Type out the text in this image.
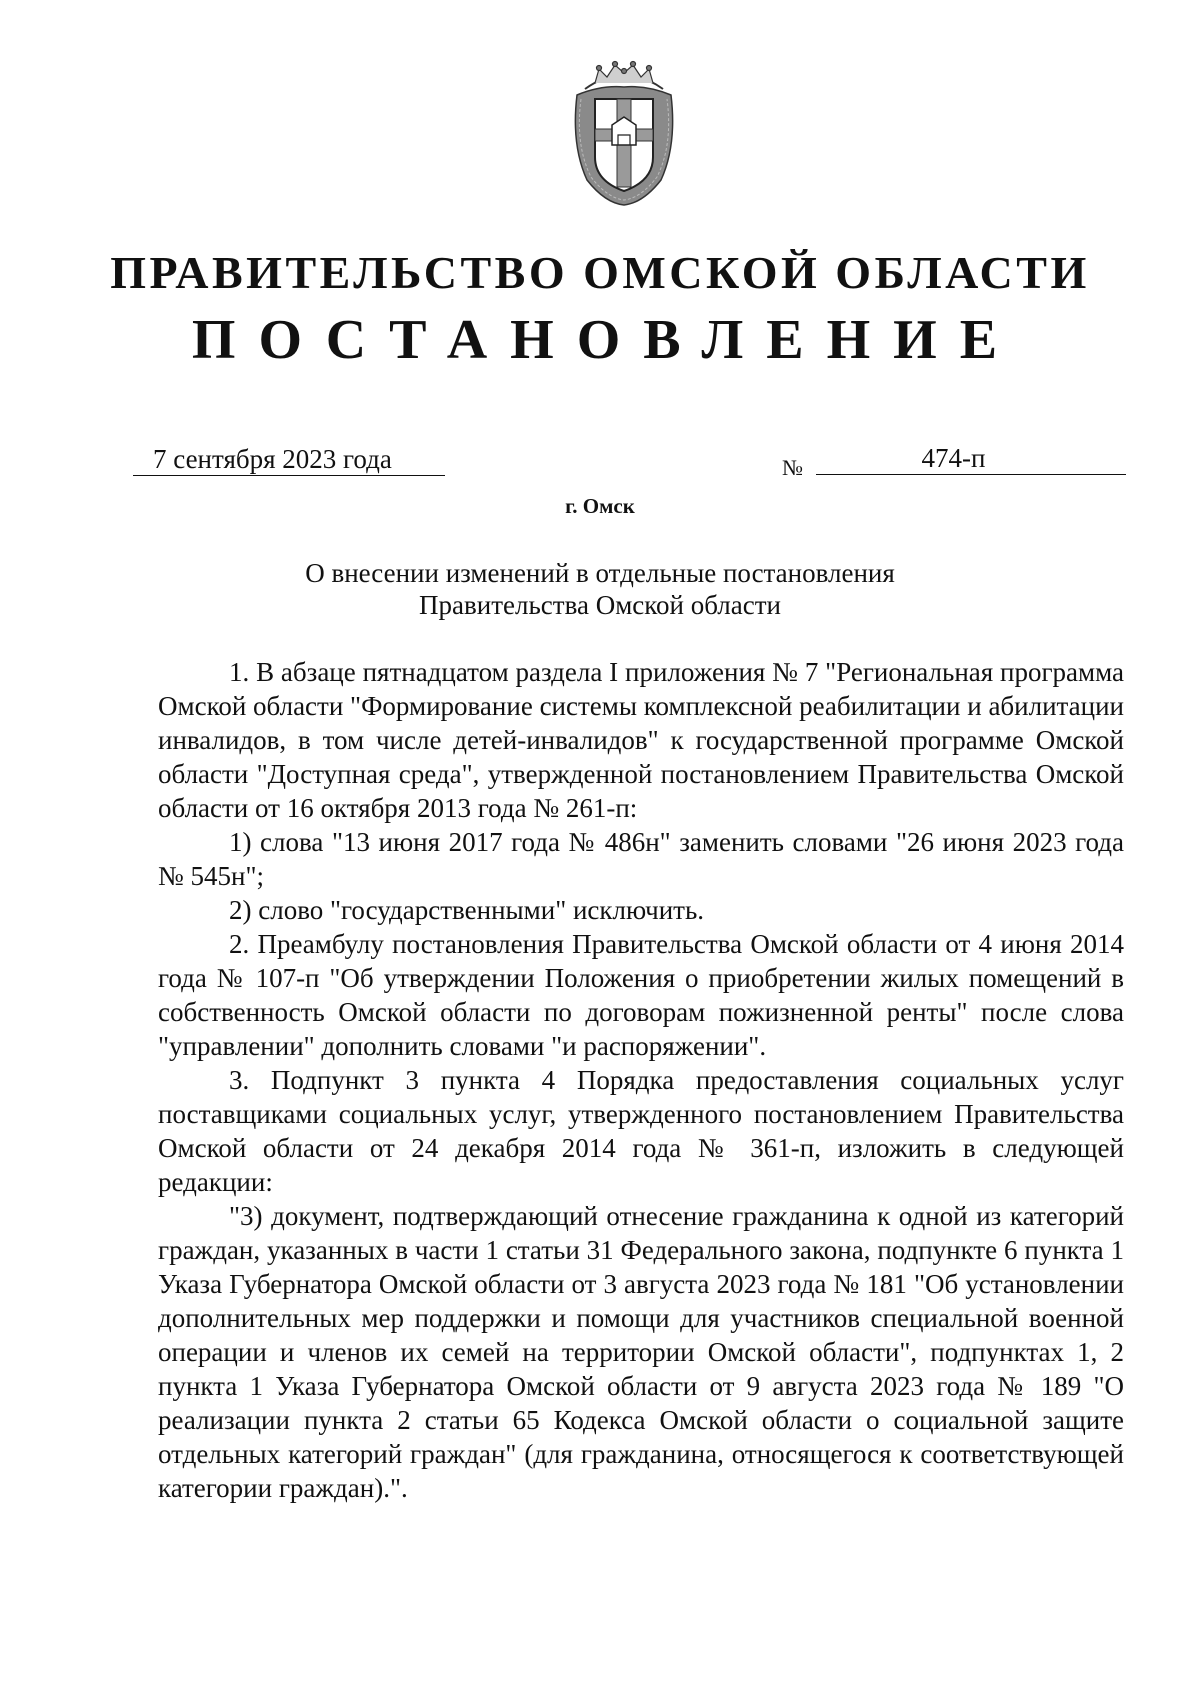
ПРАВИТЕЛЬСТВО ОМСКОЙ ОБЛАСТИ
ПОСТАНОВЛЕНИЕ
7 сентября 2023 года	№	474-п
г. Омск
О внесении изменений в отдельные постановления
Правительства Омской области

1. В абзаце пятнадцатом раздела I приложения № 7 "Региональная программа Омской области "Формирование системы комплексной реабилитации и абилитации инвалидов, в том числе детей-инвалидов" к государственной программе Омской области "Доступная среда", утвержденной постановлением Правительства Омской области от 16 октября 2013 года № 261-п:

1) слова "13 июня 2017 года № 486н" заменить словами "26 июня 2023 года № 545н";

2) слово "государственными" исключить.

2. Преамбулу постановления Правительства Омской области от 4 июня 2014 года № 107-п "Об утверждении Положения о приобретении жилых помещений в собственность Омской области по договорам пожизненной ренты" после слова "управлении" дополнить словами "и распоряжении".

3. Подпункт 3 пункта 4 Порядка предоставления социальных услуг поставщиками социальных услуг, утвержденного постановлением Правительства Омской области от 24 декабря 2014 года № 361-п, изложить в следующей редакции:

"3) документ, подтверждающий отнесение гражданина к одной из категорий граждан, указанных в части 1 статьи 31 Федерального закона, подпункте 6 пункта 1 Указа Губернатора Омской области от 3 августа 2023 года № 181 "Об установлении дополнительных мер поддержки и помощи для участников специальной военной операции и членов их семей на территории Омской области", подпунктах 1, 2 пункта 1 Указа Губернатора Омской области от 9 августа 2023 года № 189 "О реализации пункта 2 статьи 65 Кодекса Омской области о социальной защите отдельных категорий граждан" (для гражданина, относящегося к соответствующей категории граждан).".
